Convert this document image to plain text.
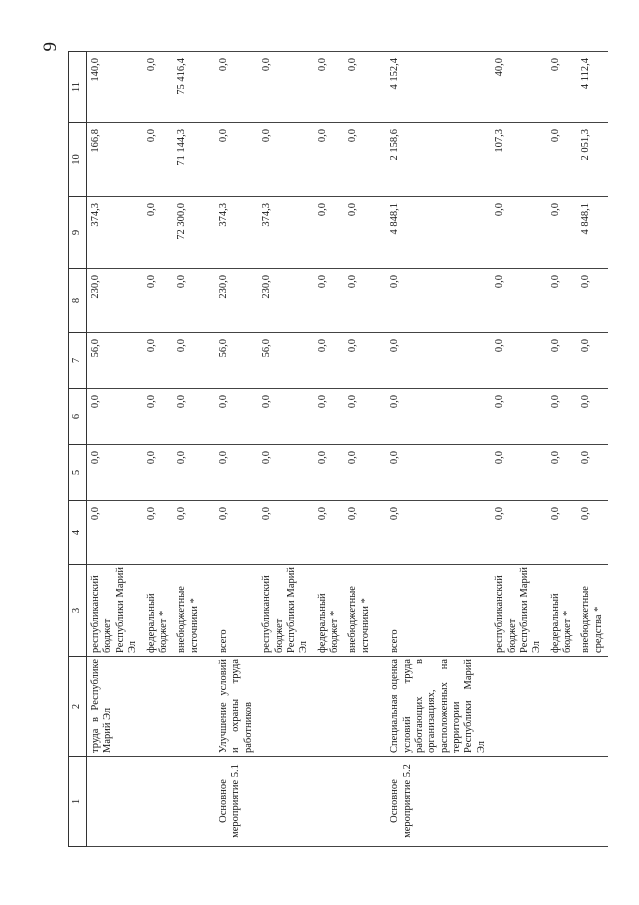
9
1	2	3	4	5	6	7	8	9	10	11
	труда в Республике Марий Эл	республиканский бюджет Республики Марий Эл	0,0	0,0	0,0	56,0	230,0	374,3	166,8	140,0
		федеральный бюджет *	0,0	0,0	0,0	0,0	0,0	0,0	0,0	0,0
		внебюджетные источники *	0,0	0,0	0,0	0,0	0,0	72 300,0	71 144,3	75 416,4
Основное мероприятие 5.1	Улучшение условий и охраны труда работников	всего	0,0	0,0	0,0	56,0	230,0	374,3	0,0	0,0
		республиканский бюджет Республики Марий Эл	0,0	0,0	0,0	56,0	230,0	374,3	0,0	0,0
		федеральный бюджет *	0,0	0,0	0,0	0,0	0,0	0,0	0,0	0,0
		внебюджетные источники *	0,0	0,0	0,0	0,0	0,0	0,0	0,0	0,0
Основное мероприятие 5.2	Специальная оценка условий труда работающих в организациях, расположенных на территории Республики Марий Эл	всего	0,0	0,0	0,0	0,0	0,0	4 848,1	2 158,6	4 152,4
		республиканский бюджет Республики Марий Эл	0,0	0,0	0,0	0,0	0,0	0,0	107,3	40,0
		федеральный бюджет *	0,0	0,0	0,0	0,0	0,0	0,0	0,0	0,0
		внебюджетные средства *	0,0	0,0	0,0	0,0	0,0	4 848,1	2 051,3	4 112,4
